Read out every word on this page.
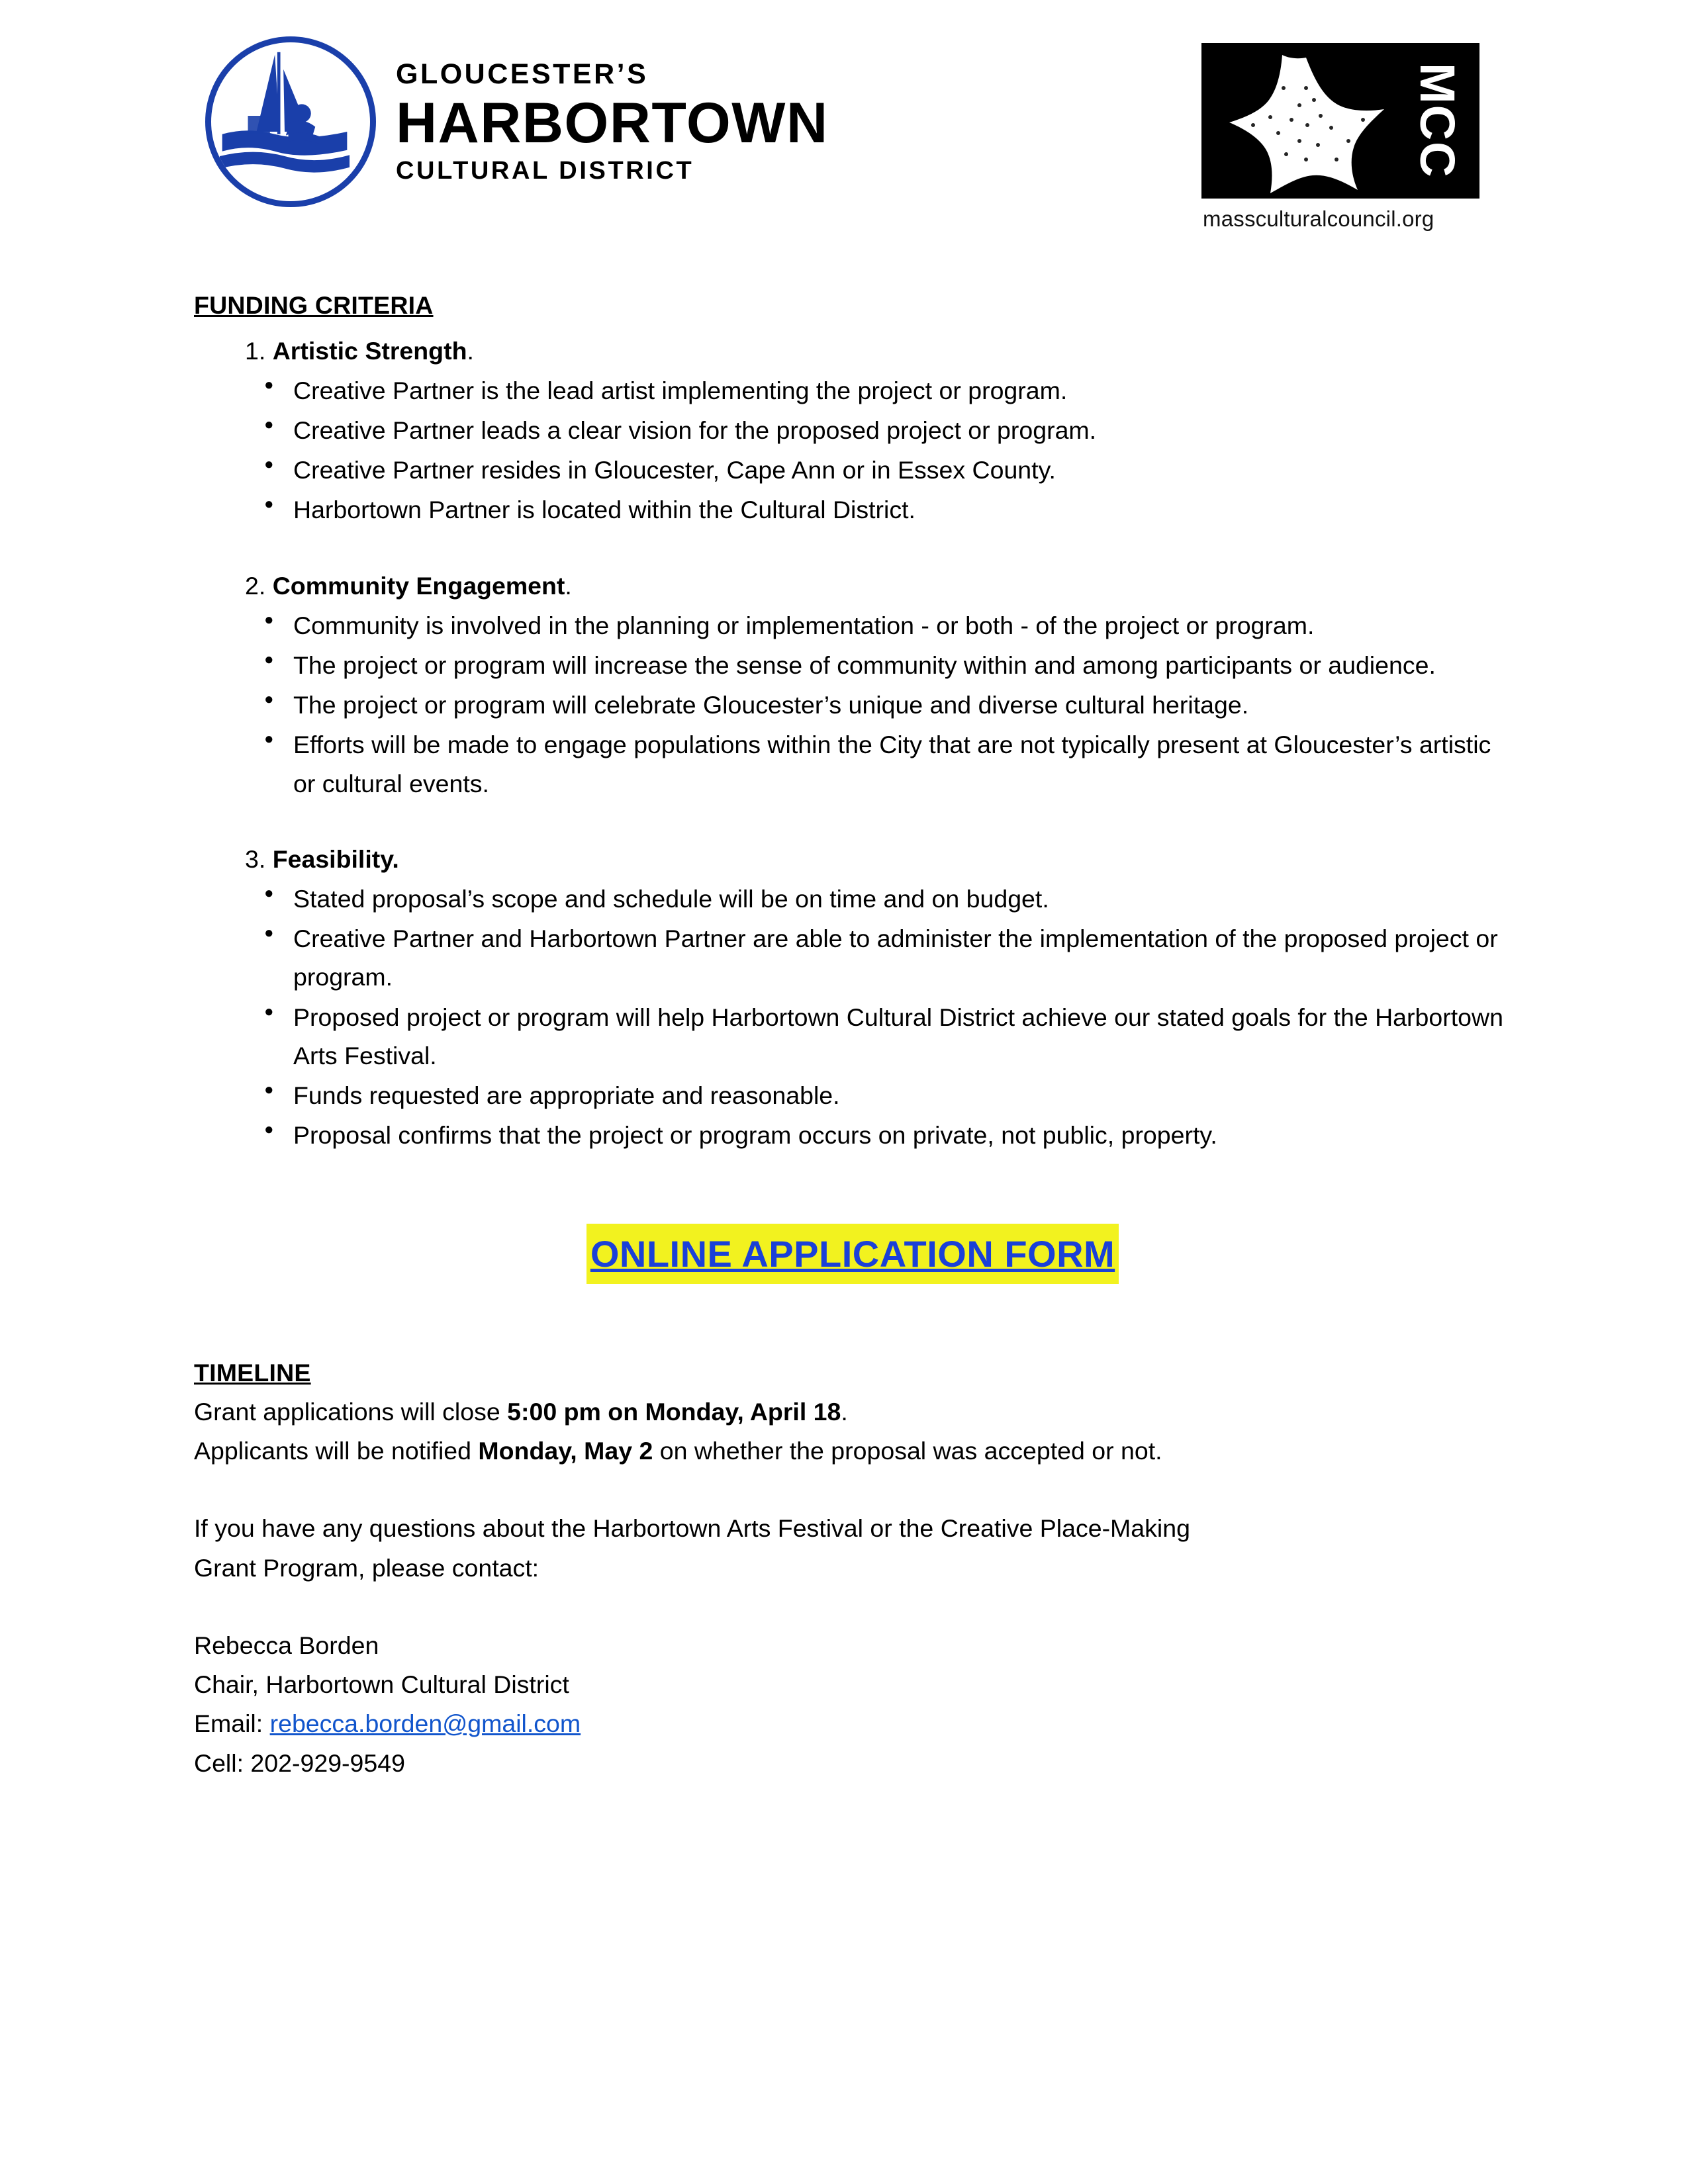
GLOUCESTER’S
HARBORTOWN
CULTURAL DISTRICT	MCC
massculturalcouncil.org
FUNDING CRITERIA
1. Artistic Strength.
● Creative Partner is the lead artist implementing the project or program.
● Creative Partner leads a clear vision for the proposed project or program.
● Creative Partner resides in Gloucester, Cape Ann or in Essex County.
● Harbortown Partner is located within the Cultural District.
2. Community Engagement.
● Community is involved in the planning or implementation - or both - of the project or program.
● The project or program will increase the sense of community within and among participants or audience.
● The project or program will celebrate Gloucester’s unique and diverse cultural heritage.
● Efforts will be made to engage populations within the City that are not typically present at Gloucester’s artistic or cultural events.
3. Feasibility.
● Stated proposal’s scope and schedule will be on time and on budget.
● Creative Partner and Harbortown Partner are able to administer the implementation of the proposed project or program.
● Proposed project or program will help Harbortown Cultural District achieve our stated goals for the Harbortown Arts Festival.
● Funds requested are appropriate and reasonable.
● Proposal confirms that the project or program occurs on private, not public, property.
ONLINE APPLICATION FORM
TIMELINE
Grant applications will close 5:00 pm on Monday, April 18.
Applicants will be notified Monday, May 2 on whether the proposal was accepted or not.
If you have any questions about the Harbortown Arts Festival or the Creative Place-Making
Grant Program, please contact:
Rebecca Borden
Chair, Harbortown Cultural District
Email: rebecca.borden@gmail.com
Cell: 202-929-9549
